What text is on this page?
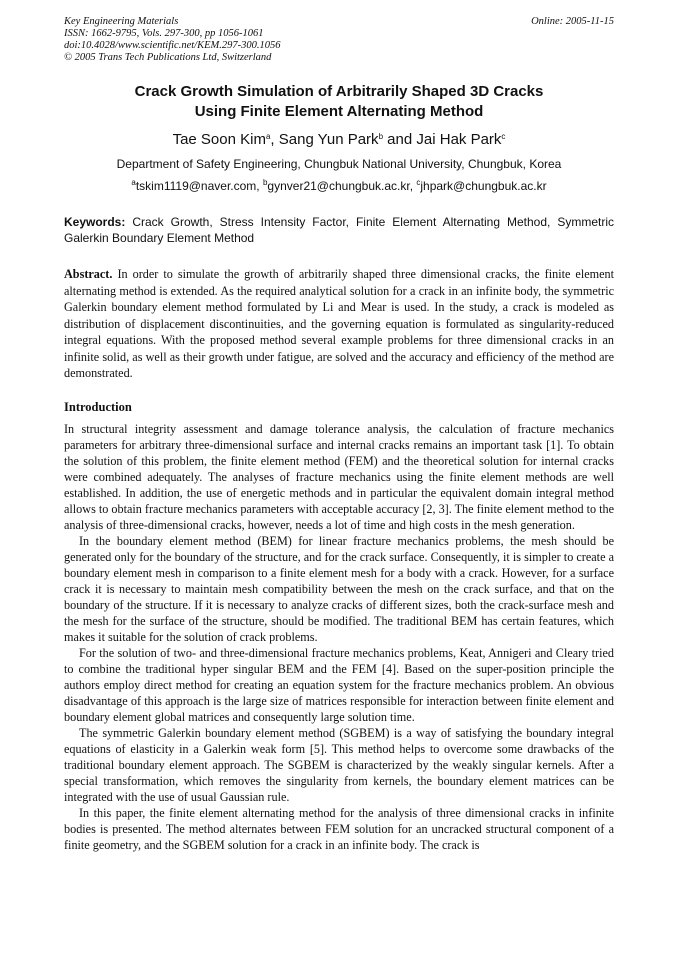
Key Engineering Materials
ISSN: 1662-9795, Vols. 297-300, pp 1056-1061
doi:10.4028/www.scientific.net/KEM.297-300.1056
© 2005 Trans Tech Publications Ltd, Switzerland
Online: 2005-11-15
Crack Growth Simulation of Arbitrarily Shaped 3D Cracks
Using Finite Element Alternating Method
Tae Soon Kim$^a$, Sang Yun Park$^b$ and Jai Hak Park$^c$
Department of Safety Engineering, Chungbuk National University, Chungbuk, Korea
$^a$tskim1119@naver.com, $^b$gynver21@chungbuk.ac.kr, $^c$jhpark@chungbuk.ac.kr
Keywords: Crack Growth, Stress Intensity Factor, Finite Element Alternating Method, Symmetric Galerkin Boundary Element Method
Abstract. In order to simulate the growth of arbitrarily shaped three dimensional cracks, the finite element alternating method is extended. As the required analytical solution for a crack in an infinite body, the symmetric Galerkin boundary element method formulated by Li and Mear is used. In the study, a crack is modeled as distribution of displacement discontinuities, and the governing equation is formulated as singularity-reduced integral equations. With the proposed method several example problems for three dimensional cracks in an infinite solid, as well as their growth under fatigue, are solved and the accuracy and efficiency of the method are demonstrated.
Introduction

In structural integrity assessment and damage tolerance analysis, the calculation of fracture mechanics parameters for arbitrary three-dimensional surface and internal cracks remains an important task [1]. To obtain the solution of this problem, the finite element method (FEM) and the theoretical solution for internal cracks were combined adequately. The analyses of fracture mechanics using the finite element methods are well established. In addition, the use of energetic methods and in particular the equivalent domain integral method allows to obtain fracture mechanics parameters with acceptable accuracy [2, 3]. The finite element method to the analysis of three-dimensional cracks, however, needs a lot of time and high costs in the mesh generation.

In the boundary element method (BEM) for linear fracture mechanics problems, the mesh should be generated only for the boundary of the structure, and for the crack surface. Consequently, it is simpler to create a boundary element mesh in comparison to a finite element mesh for a body with a crack. However, for a surface crack it is necessary to maintain mesh compatibility between the mesh on the crack surface, and that on the boundary of the structure. If it is necessary to analyze cracks of different sizes, both the crack-surface mesh and the mesh for the surface of the structure, should be modified. The traditional BEM has certain features, which makes it suitable for the solution of crack problems.

For the solution of two- and three-dimensional fracture mechanics problems, Keat, Annigeri and Cleary tried to combine the traditional hyper singular BEM and the FEM [4]. Based on the super-position principle the authors employ direct method for creating an equation system for the fracture mechanics problem. An obvious disadvantage of this approach is the large size of matrices responsible for interaction between finite element and boundary element global matrices and consequently large solution time.

The symmetric Galerkin boundary element method (SGBEM) is a way of satisfying the boundary integral equations of elasticity in a Galerkin weak form [5]. This method helps to overcome some drawbacks of the traditional boundary element approach. The SGBEM is characterized by the weakly singular kernels. After a special transformation, which removes the singularity from kernels, the boundary element matrices can be integrated with the use of usual Gaussian rule.

In this paper, the finite element alternating method for the analysis of three dimensional cracks in infinite bodies is presented. The method alternates between FEM solution for an uncracked structural component of a finite geometry, and the SGBEM solution for a crack in an infinite body. The crack is
